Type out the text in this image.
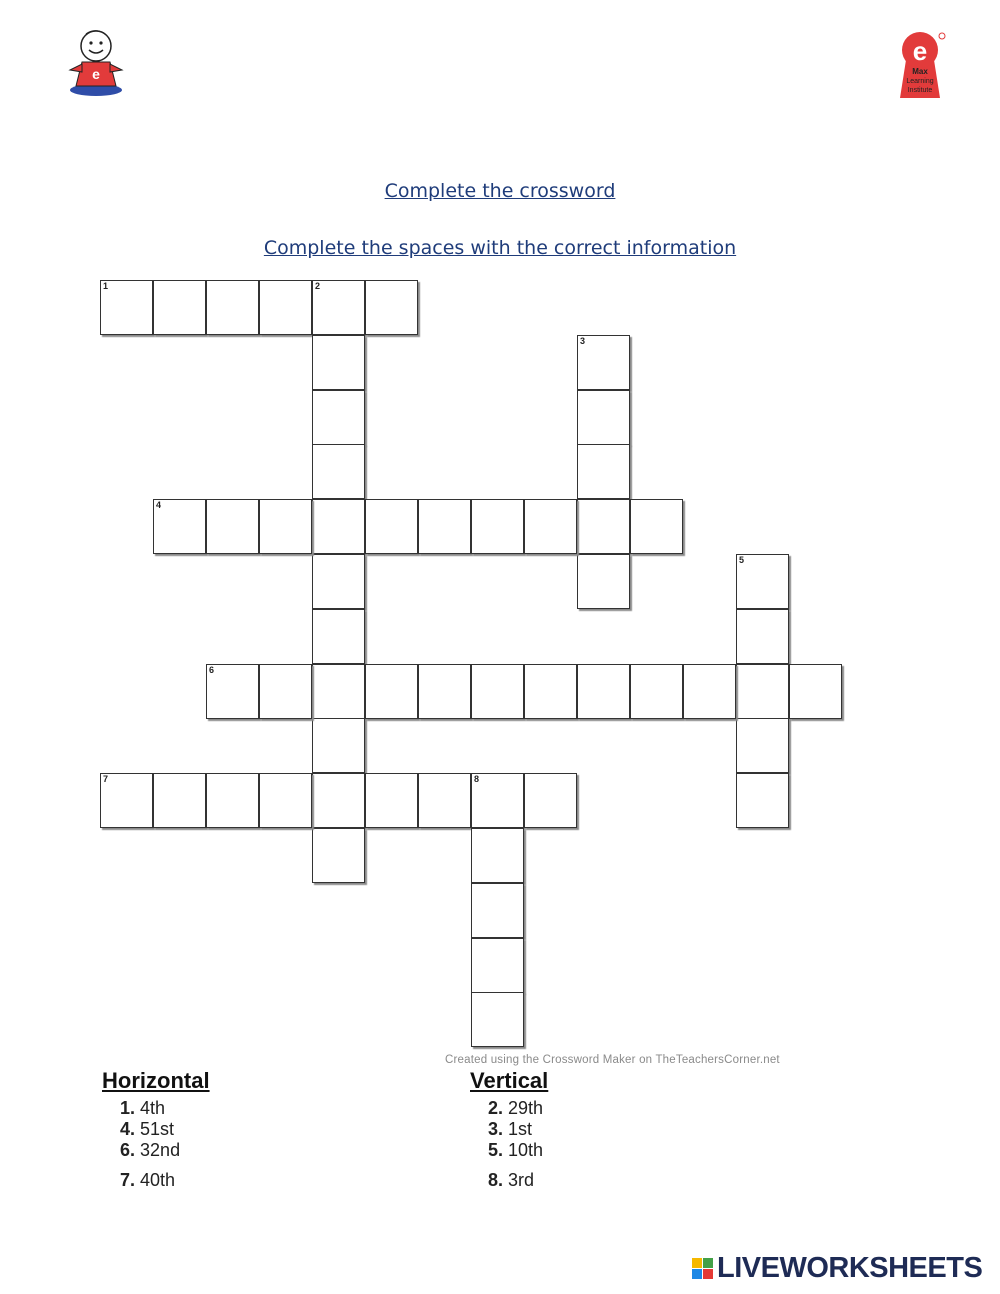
e
e
Max
Learning
Institute
Complete the crossword
Complete the spaces with the correct information
1	2
3
4
5
6
7	8
Created using the Crossword Maker on TheTeachersCorner.net
Horizontal
1. 4th
4. 51st
6. 32nd
7. 40th
Vertical
2. 29th
3. 1st
5. 10th
8. 3rd
LIVEWORKSHEETS
